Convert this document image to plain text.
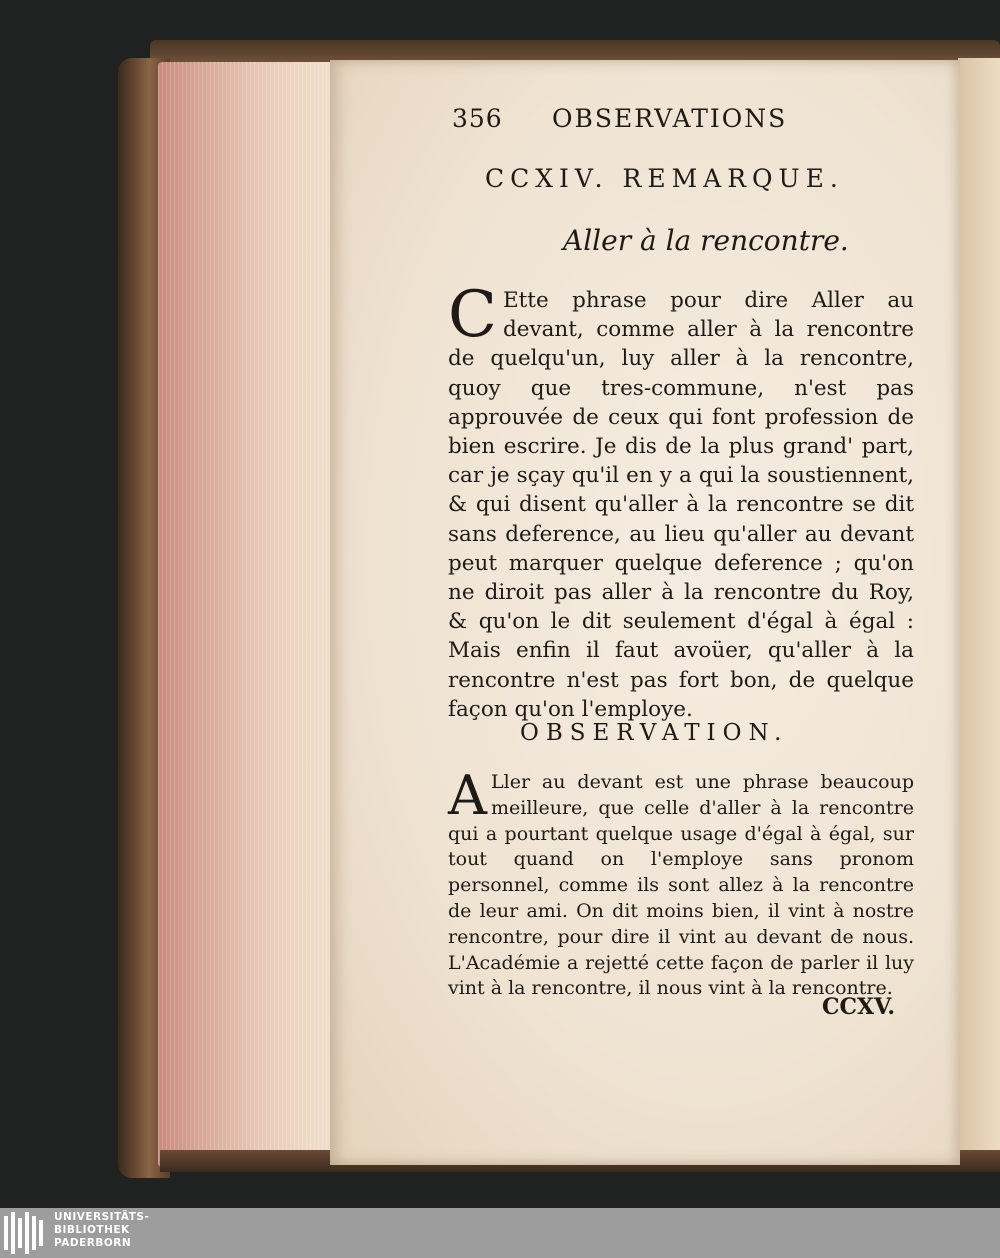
356 OBSERVATIONS
CCXIV. REMARQUE.
Aller à la rencontre.
C Ette phrase pour dire Aller au devant, comme aller à la rencontre de quelqu'un, luy aller à la rencontre, quoy que tres-commune, n'est pas approuvée de ceux qui font profession de bien escrire. Je dis de la plus grand' part, car je sçay qu'il en y a qui la soustiennent, & qui disent qu'aller à la rencontre se dit sans deference, au lieu qu'aller au devant peut marquer quelque deference ; qu'on ne diroit pas aller à la rencontre du Roy, & qu'on le dit seulement d'égal à égal : Mais enfin il faut avoüer, qu'aller à la rencontre n'est pas fort bon, de quelque façon qu'on l'employe.
OBSERVATION.
A Ller au devant est une phrase beaucoup meilleure, que celle d'aller à la rencontre qui a pourtant quelque usage d'égal à égal, sur tout quand on l'employe sans pronom personnel, comme ils sont allez à la rencontre de leur ami. On dit moins bien, il vint à nostre rencontre, pour dire il vint au devant de nous. L'Académie a rejetté cette façon de parler il luy vint à la rencontre, il nous vint à la rencontre.
CCXV.
UNIVERSITÄTS-
BIBLIOTHEK
PADERBORN
